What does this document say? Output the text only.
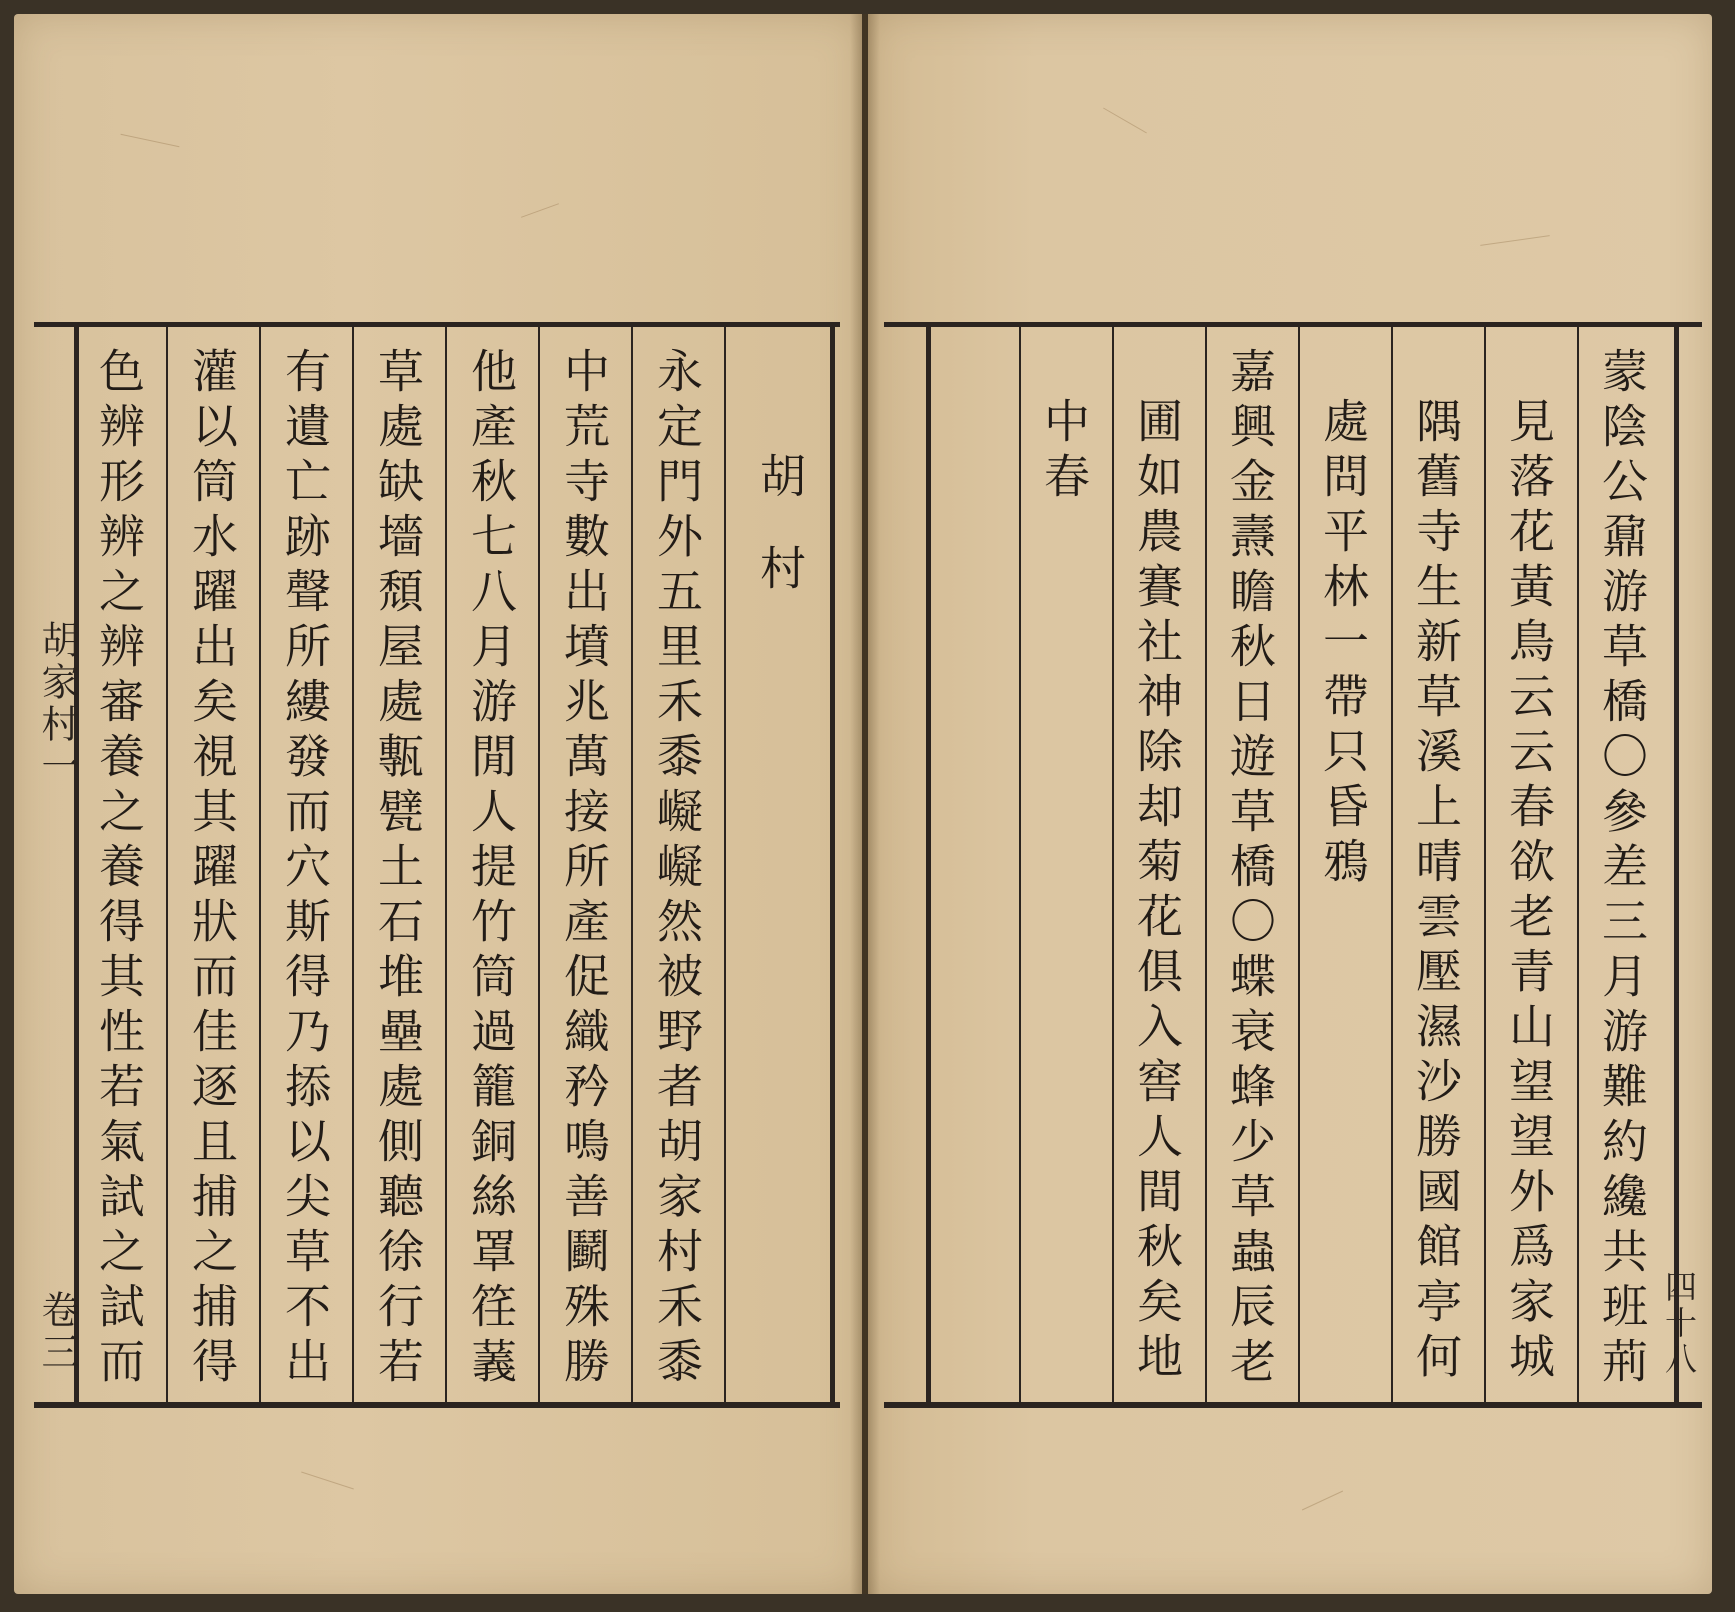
胡村
永定門外五里禾黍㠜㠜然被野者胡家村禾黍
中荒寺數出墳兆萬接所產促織矜鳴善鬬殊勝
他產秋七八月游閒人提竹筒過籠銅絲罩䇮䕏
草處缺墻頹屋處甎甓土石堆壘處側聽徐行若
有遺亡跡聲所縷發而穴斯得乃掭以尖草不出
灌以筒水躍出矣視其躍狀而佳逐且捕之捕得
色辨形辨之辨審養之養得其性若氣試之試而
胡家村一
卷三	蒙陰公鼐游草橋〇參差三月游難約纔共班荊
見落花黃鳥云云春欲老青山望望外爲家城
隅舊寺生新草溪上晴雲壓濕沙勝國館亭何
處問平林一帶只昏鴉
嘉興金燾瞻秋日遊草橋〇蝶衰蜂少草蟲辰老
圃如農賽社神除却菊花俱入窖人間秋矣地
中春
四十八
